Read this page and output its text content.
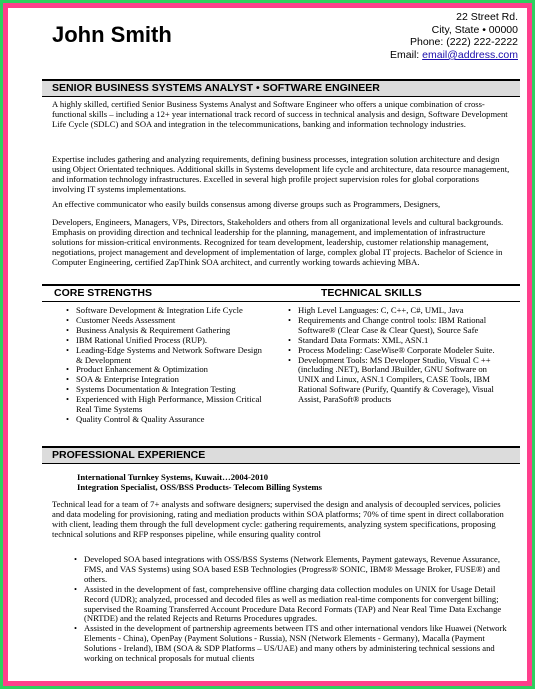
John Smith
22 Street Rd.
City, State • 00000
Phone: (222) 222-2222
Email: email@address.com
SENIOR BUSINESS SYSTEMS ANALYST • SOFTWARE ENGINEER

A highly skilled, certified Senior Business Systems Analyst and Software Engineer who offers a unique combination of cross-functional skills – including a 12+ year international track record of success in technical analysis and design, Software Development Life Cycle (SDLC) and SOA and integration in the telecommunications, banking and information technology industries.

Expertise includes gathering and analyzing requirements, defining business processes, integration solution architecture and design using Object Orientated techniques. Additional skills in Systems development life cycle and architecture, data resource management, and information technology infrastructures. Excelled in several high profile project supervision roles for global corporations involving IT systems implementations.

An effective communicator who easily builds consensus among diverse groups such as Programmers, Designers,

Developers, Engineers, Managers, VPs, Directors, Stakeholders and others from all organizational levels and cultural backgrounds. Emphasis on providing direction and technical leadership for the planning, management, and implementation of infrastructure solutions for mission-critical environments. Recognized for team development, leadership, customer relationship management, negotiations, project management and development of implementation of large, complex global IT projects. Bachelor of Science in Computer Engineering, certified ZapThink SOA architect, and currently working towards achieving MBA.

CORE STRENGTHS	TECHNICAL SKILLS
• Software Development & Integration Life Cycle
• Customer Needs Assessment
• Business Analysis & Requirement Gathering
• IBM Rational Unified Process (RUP).
• Leading-Edge Systems and Network Software Design & Development
• Product Enhancement & Optimization
• SOA & Enterprise Integration
• Systems Documentation & Integration Testing
• Experienced with High Performance, Mission Critical Real Time Systems
• Quality Control & Quality Assurance
• High Level Languages: C, C++, C#, UML, Java
• Requirements and Change control tools: IBM Rational Software® (Clear Case & Clear Quest), Source Safe
• Standard Data Formats: XML, ASN.1
• Process Modeling: CaseWise® Corporate Modeler Suite.
• Development Tools: MS Developer Studio, Visual C ++ (including .NET), Borland JBuilder, GNU Software on UNIX and Linux, ASN.1 Compilers, CASE Tools, IBM Rational Software (Purify, Quantify & Coverage), Visual Assist, ParaSoft® products
PROFESSIONAL EXPERIENCE
International Turnkey Systems, Kuwait…2004-2010
Integration Specialist, OSS/BSS Products- Telecom Billing Systems

Technical lead for a team of 7+ analysts and software designers; supervised the design and analysis of decoupled services, policies and data modeling for provisioning, rating and mediation products within SOA platforms; 70% of time spent in direct collaboration with client, leading them through the full development cycle: gathering requirements, analyzing system specifications, proposing technical solutions and RFP responses pipeline, while ensuring quality control

• Developed SOA based integrations with OSS/BSS Systems (Network Elements, Payment gateways, Revenue Assurance, FMS, and VAS Systems) using SOA based ESB Technologies (Progress® SONIC, IBM® Message Broker, FUSE®) and others.
• Assisted in the development of fast, comprehensive offline charging data collection modules on UNIX for Usage Detail Record (UDR); analyzed, processed and decoded files as well as mediation real-time components for convergent billing; supervised the Roaming Transferred Account Procedure Data Record Formats (TAP) and Near Real Time Data Exchange (NRTDE) and the related Rejects and Returns Procedures upgrades.
• Assisted in the development of partnership agreements between ITS and other international vendors like Huawei (Network Elements - China), OpenPay (Payment Solutions - Russia), NSN (Network Elements - Germany), Macalla (Payment Solutions - Ireland), IBM (SOA & SDP Platforms – US/UAE) and many others by administering technical sessions and working on technical proposals for mutual clients
